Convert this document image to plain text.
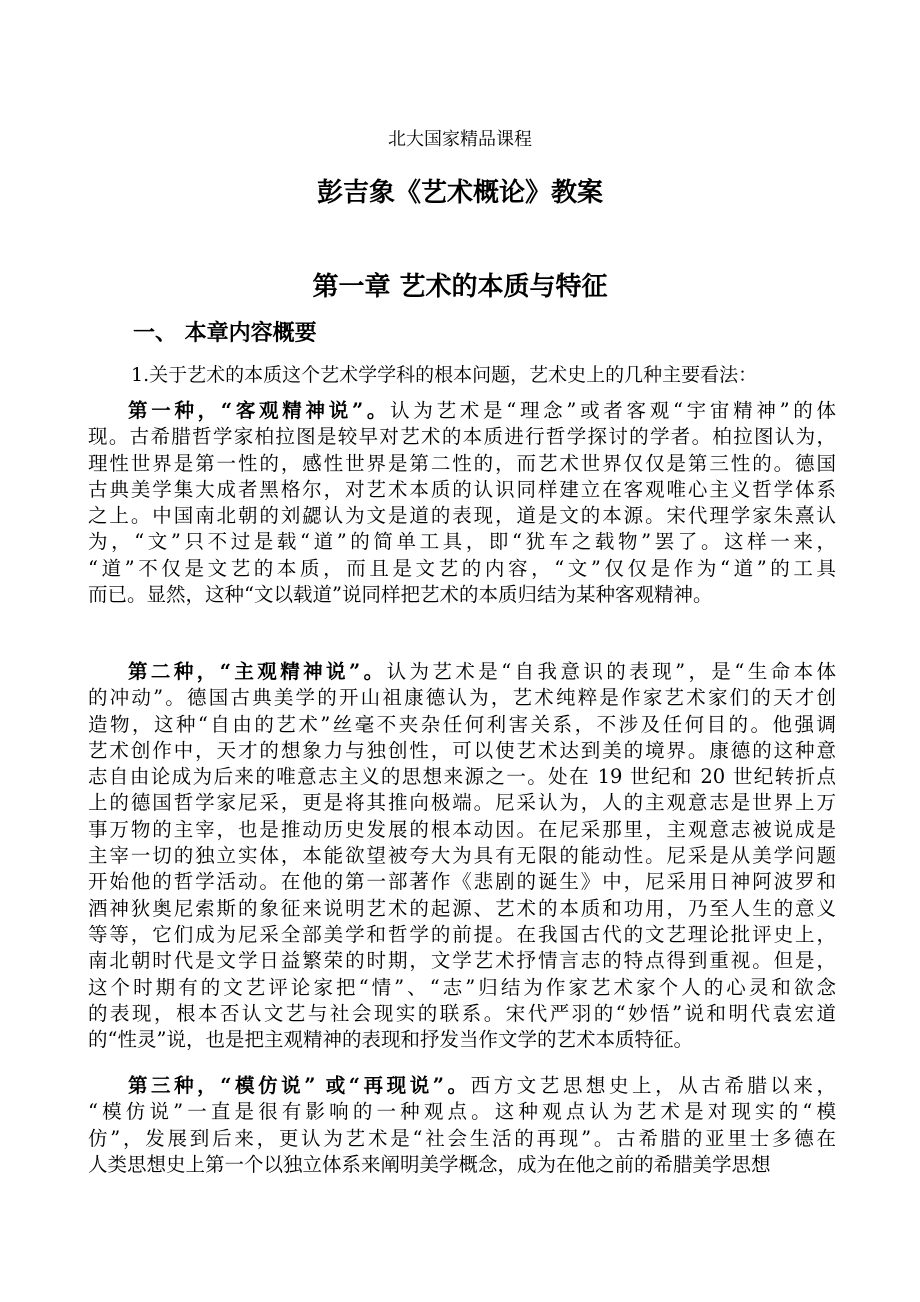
北大国家精品课程
彭吉象《艺术概论》教案
第一章 艺术的本质与特征
一、 本章内容概要
1.关于艺术的本质这个艺术学学科的根本问题，艺术史上的几种主要看法：
第一种，“客观精神说”。认为艺术是“理念”或者客观“宇宙精神”的体
现。古希腊哲学家柏拉图是较早对艺术的本质进行哲学探讨的学者。柏拉图认为，
理性世界是第一性的，感性世界是第二性的，而艺术世界仅仅是第三性的。德国
古典美学集大成者黑格尔，对艺术本质的认识同样建立在客观唯心主义哲学体系
之上。中国南北朝的刘勰认为文是道的表现，道是文的本源。宋代理学家朱熹认
为，“文”只不过是载“道”的简单工具，即“犹车之载物”罢了。这样一来，
“道”不仅是文艺的本质，而且是文艺的内容，“文”仅仅是作为“道”的工具
而已。显然，这种“文以载道”说同样把艺术的本质归结为某种客观精神。
第二种，“主观精神说”。认为艺术是“自我意识的表现”，是“生命本体
的冲动”。德国古典美学的开山祖康德认为，艺术纯粹是作家艺术家们的天才创
造物，这种“自由的艺术”丝毫不夹杂任何利害关系，不涉及任何目的。他强调
艺术创作中，天才的想象力与独创性，可以使艺术达到美的境界。康德的这种意
志自由论成为后来的唯意志主义的思想来源之一。处在 19 世纪和 20 世纪转折点
上的德国哲学家尼采，更是将其推向极端。尼采认为，人的主观意志是世界上万
事万物的主宰，也是推动历史发展的根本动因。在尼采那里，主观意志被说成是
主宰一切的独立实体，本能欲望被夸大为具有无限的能动性。尼采是从美学问题
开始他的哲学活动。在他的第一部著作《悲剧的诞生》中，尼采用日神阿波罗和
酒神狄奥尼索斯的象征来说明艺术的起源、艺术的本质和功用，乃至人生的意义
等等，它们成为尼采全部美学和哲学的前提。在我国古代的文艺理论批评史上，
南北朝时代是文学日益繁荣的时期，文学艺术抒情言志的特点得到重视。但是，
这个时期有的文艺评论家把“情”、“志”归结为作家艺术家个人的心灵和欲念
的表现，根本否认文艺与社会现实的联系。宋代严羽的“妙悟”说和明代袁宏道
的“性灵”说，也是把主观精神的表现和抒发当作文学的艺术本质特征。
第三种，“模仿说” 或“再现说”。西方文艺思想史上，从古希腊以来，
“模仿说”一直是很有影响的一种观点。这种观点认为艺术是对现实的“模
仿”，发展到后来，更认为艺术是“社会生活的再现”。古希腊的亚里士多德在
人类思想史上第一个以独立体系来阐明美学概念，成为在他之前的希腊美学思想
